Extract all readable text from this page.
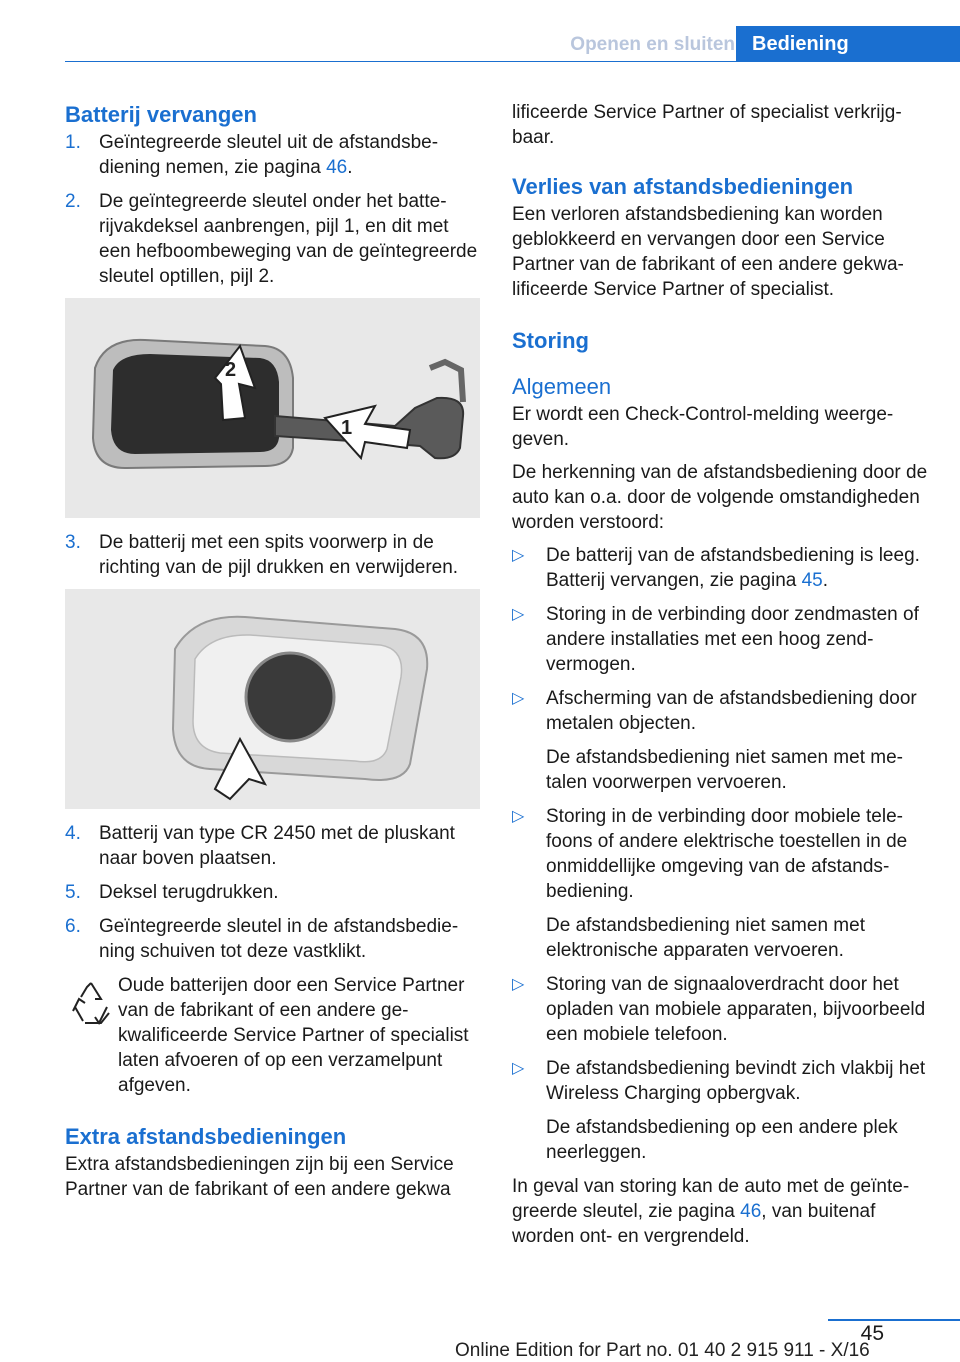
Openen en sluiten Bediening
Batterij vervangen
1. Geïntegreerde sleutel uit de afstandsbediening nemen, zie pagina 46.
2. De geïntegreerde sleutel onder het batterijvakdeksel aanbrengen, pijl 1, en dit met een hefboombeweging van de geïntegreerde sleutel optillen, pijl 2.
2
1
3. De batterij met een spits voorwerp in de richting van de pijl drukken en verwijderen.
4. Batterij van type CR 2450 met de pluskant naar boven plaatsen.
5. Deksel terugdrukken.
6. Geïntegreerde sleutel in de afstandsbediening schuiven tot deze vastklikt.
Oude batterijen door een Service Partner van de fabrikant of een andere gekwalificeerde Service Partner of specialist laten afvoeren of op een verzamelpunt afgeven.
Extra afstandsbedieningen

Extra afstandsbedieningen zijn bij een Service Partner van de fabrikant of een andere gekwa

lificeerde Service Partner of specialist verkrijgbaar.

Verlies van afstandsbedieningen

Een verloren afstandsbediening kan worden geblokkeerd en vervangen door een Service Partner van de fabrikant of een andere gekwalificeerde Service Partner of specialist.

Storing
Algemeen

Er wordt een Check-Control-melding weergegeven.

De herkenning van de afstandsbediening door de auto kan o.a. door de volgende omstandigheden worden verstoord:

▷ De batterij van de afstandsbediening is leeg. Batterij vervangen, zie pagina 45.
▷ Storing in de verbinding door zendmasten of andere installaties met een hoog zendvermogen.
▷ Afscherming van de afstandsbediening door metalen objecten.
De afstandsbediening niet samen met metalen voorwerpen vervoeren.
▷ Storing in de verbinding door mobiele telefoons of andere elektrische toestellen in de onmiddellijke omgeving van de afstandsbediening.
De afstandsbediening niet samen met elektronische apparaten vervoeren.
▷ Storing van de signaaloverdracht door het opladen van mobiele apparaten, bijvoorbeeld een mobiele telefoon.
▷ De afstandsbediening bevindt zich vlakbij het Wireless Charging opbergvak.
De afstandsbediening op een andere plek neerleggen.

In geval van storing kan de auto met de geïntegreerde sleutel, zie pagina 46, van buitenaf worden ont- en vergrendeld.

45
Online Edition for Part no. 01 40 2 915 911 - X/16
